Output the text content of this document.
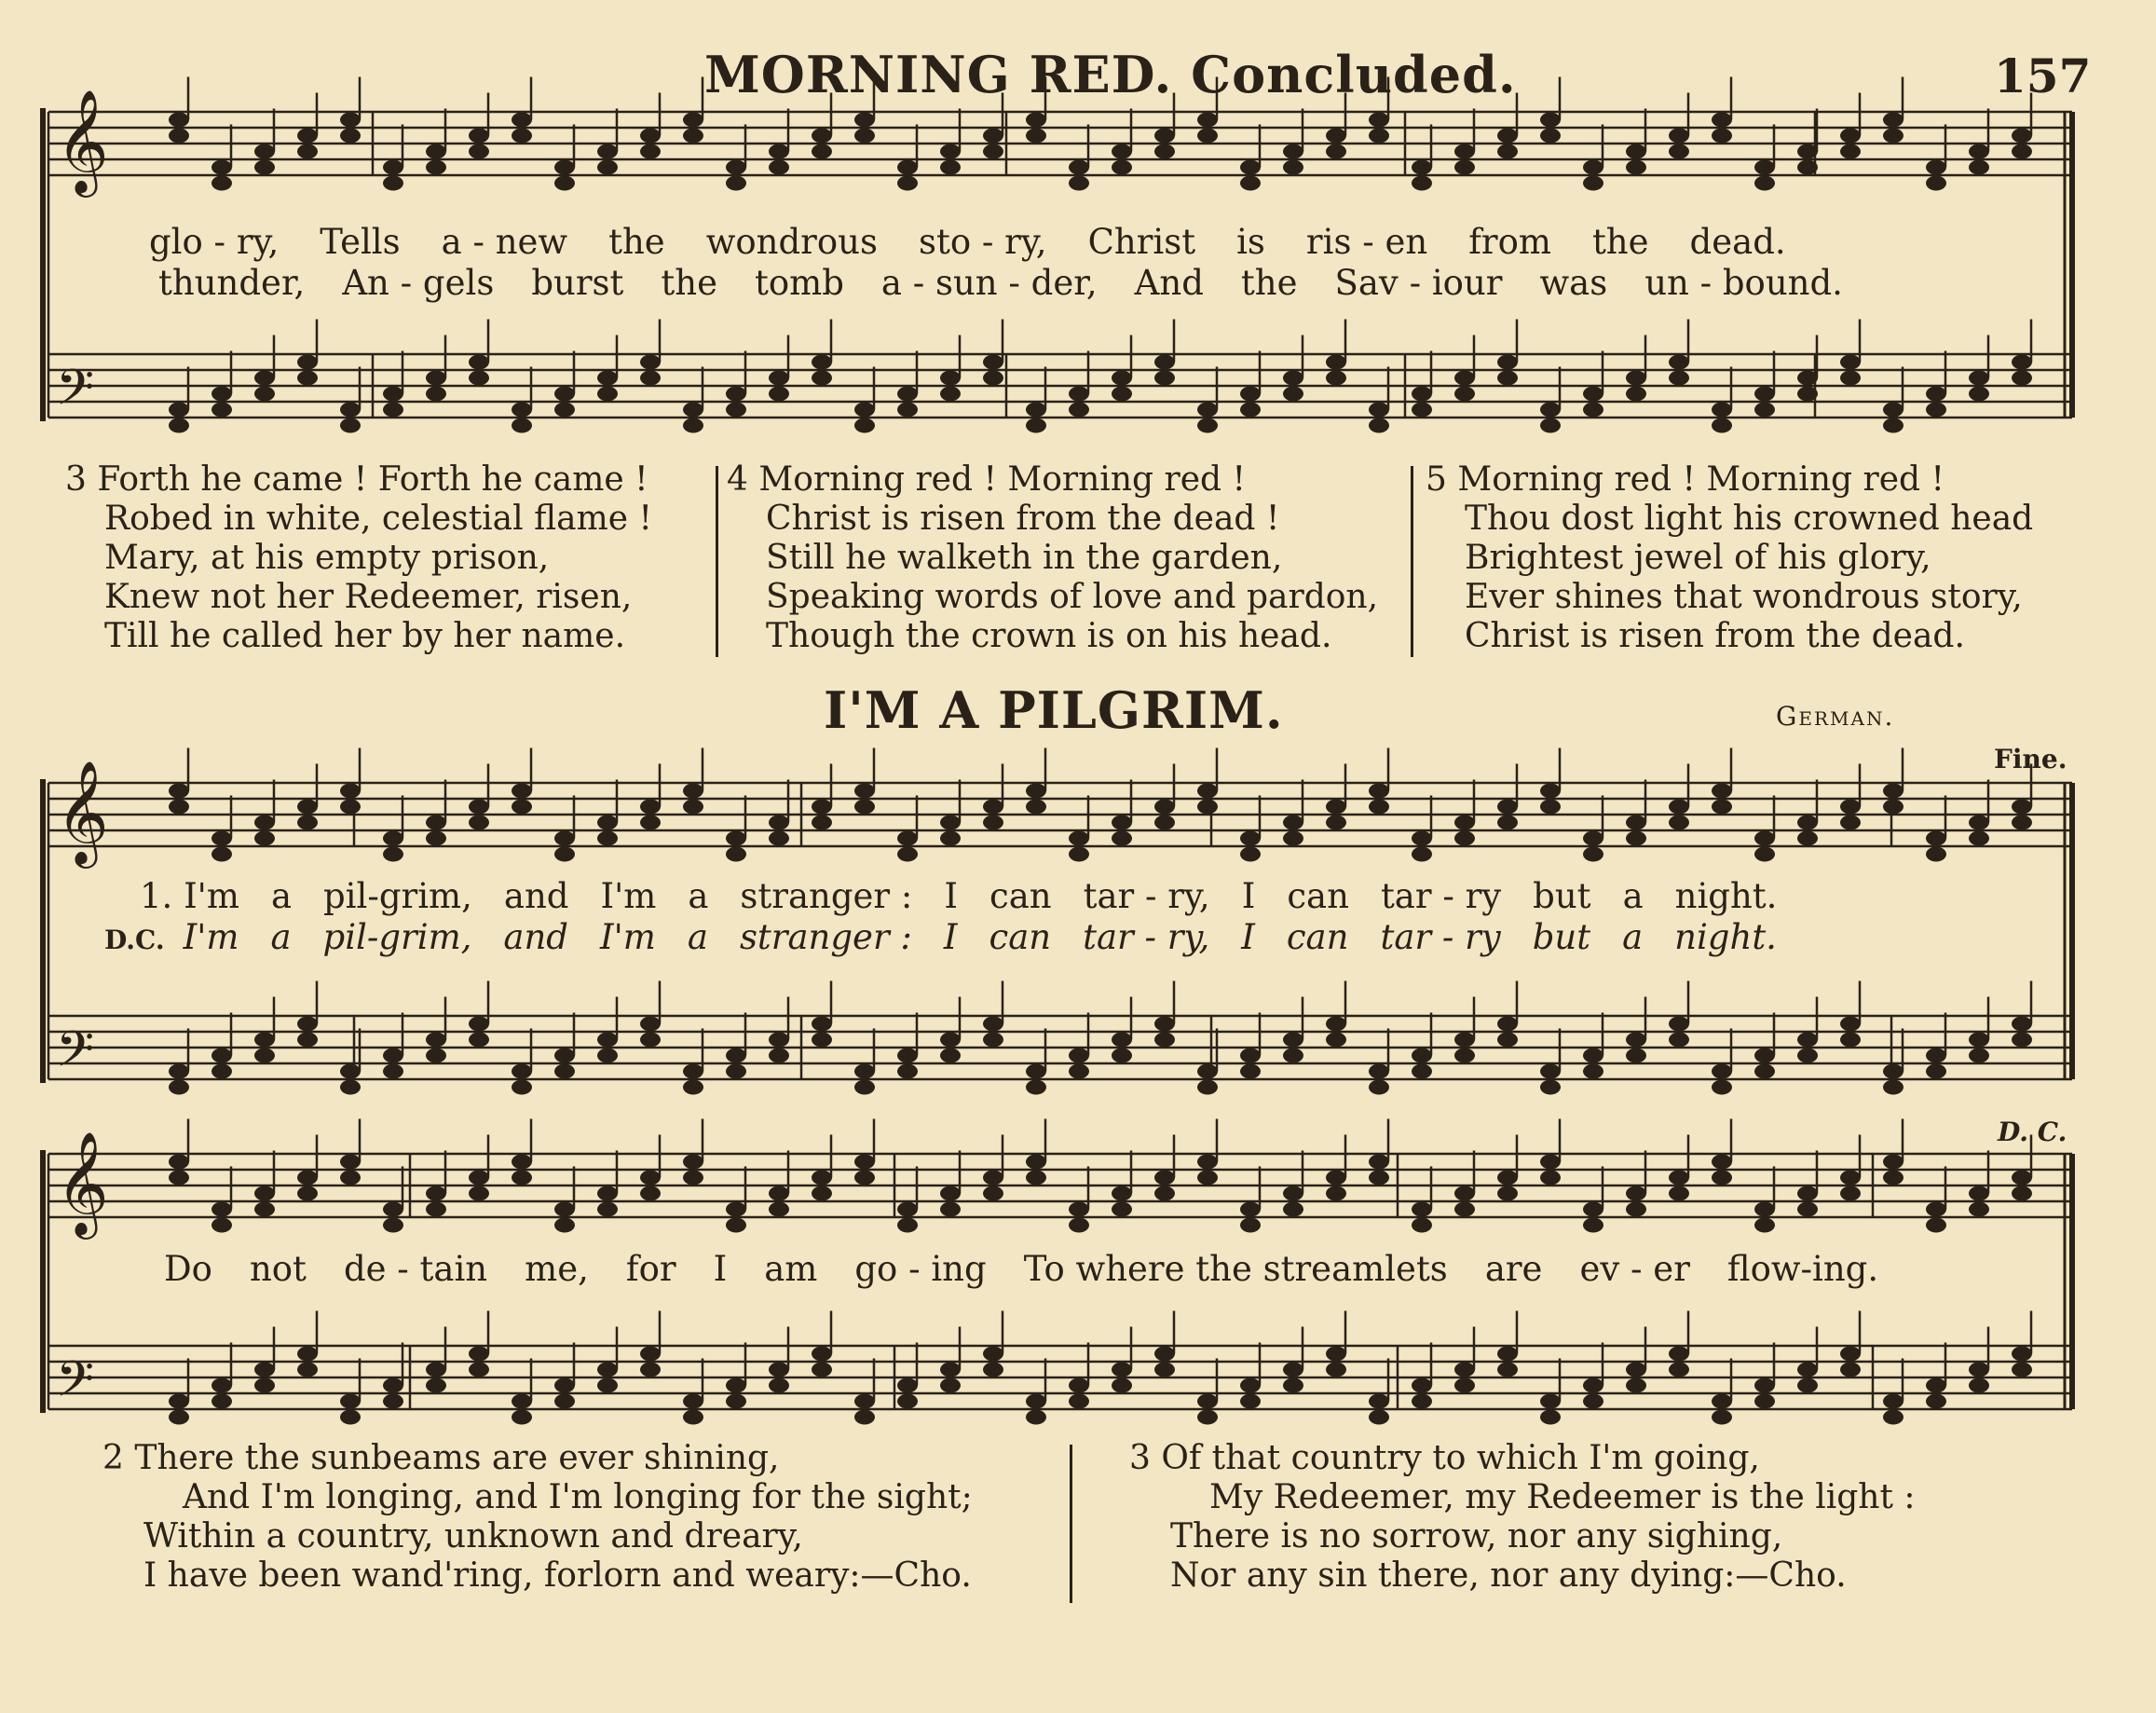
MORNING RED. Concluded.	157
𝄞
𝄢
𝄞
𝄢
𝄞
𝄢
glo - ry, Tells a - new the wondrous sto - ry, Christ is ris - en from the dead.
thunder, An - gels burst the tomb a - sun - der, And the Sav - iour was un - bound.
3 Forth he came ! Forth he came !
Robed in white, celestial flame !
Mary, at his empty prison,
Knew not her Redeemer, risen,
Till he called her by her name.
4 Morning red ! Morning red !
Christ is risen from the dead !
Still he walketh in the garden,
Speaking words of love and pardon,
Though the crown is on his head.
5 Morning red ! Morning red !
Thou dost light his crowned head
Brightest jewel of his glory,
Ever shines that wondrous story,
Christ is risen from the dead.
I'M A PILGRIM.	German.
Fine.
1. I'm a pil-grim, and I'm a stranger : I can tar - ry, I can tar - ry but a night.
D.C. I'm a pil-grim, and I'm a stranger : I can tar - ry, I can tar - ry but a night.
D. C.
Do not de - tain me, for I am go - ing To where the streamlets are ev - er flow-ing.
2 There the sunbeams are ever shining,
And I'm longing, and I'm longing for the sight;
Within a country, unknown and dreary,
I have been wand'ring, forlorn and weary:—Cho.
3 Of that country to which I'm going,
My Redeemer, my Redeemer is the light :
There is no sorrow, nor any sighing,
Nor any sin there, nor any dying:—Cho.
